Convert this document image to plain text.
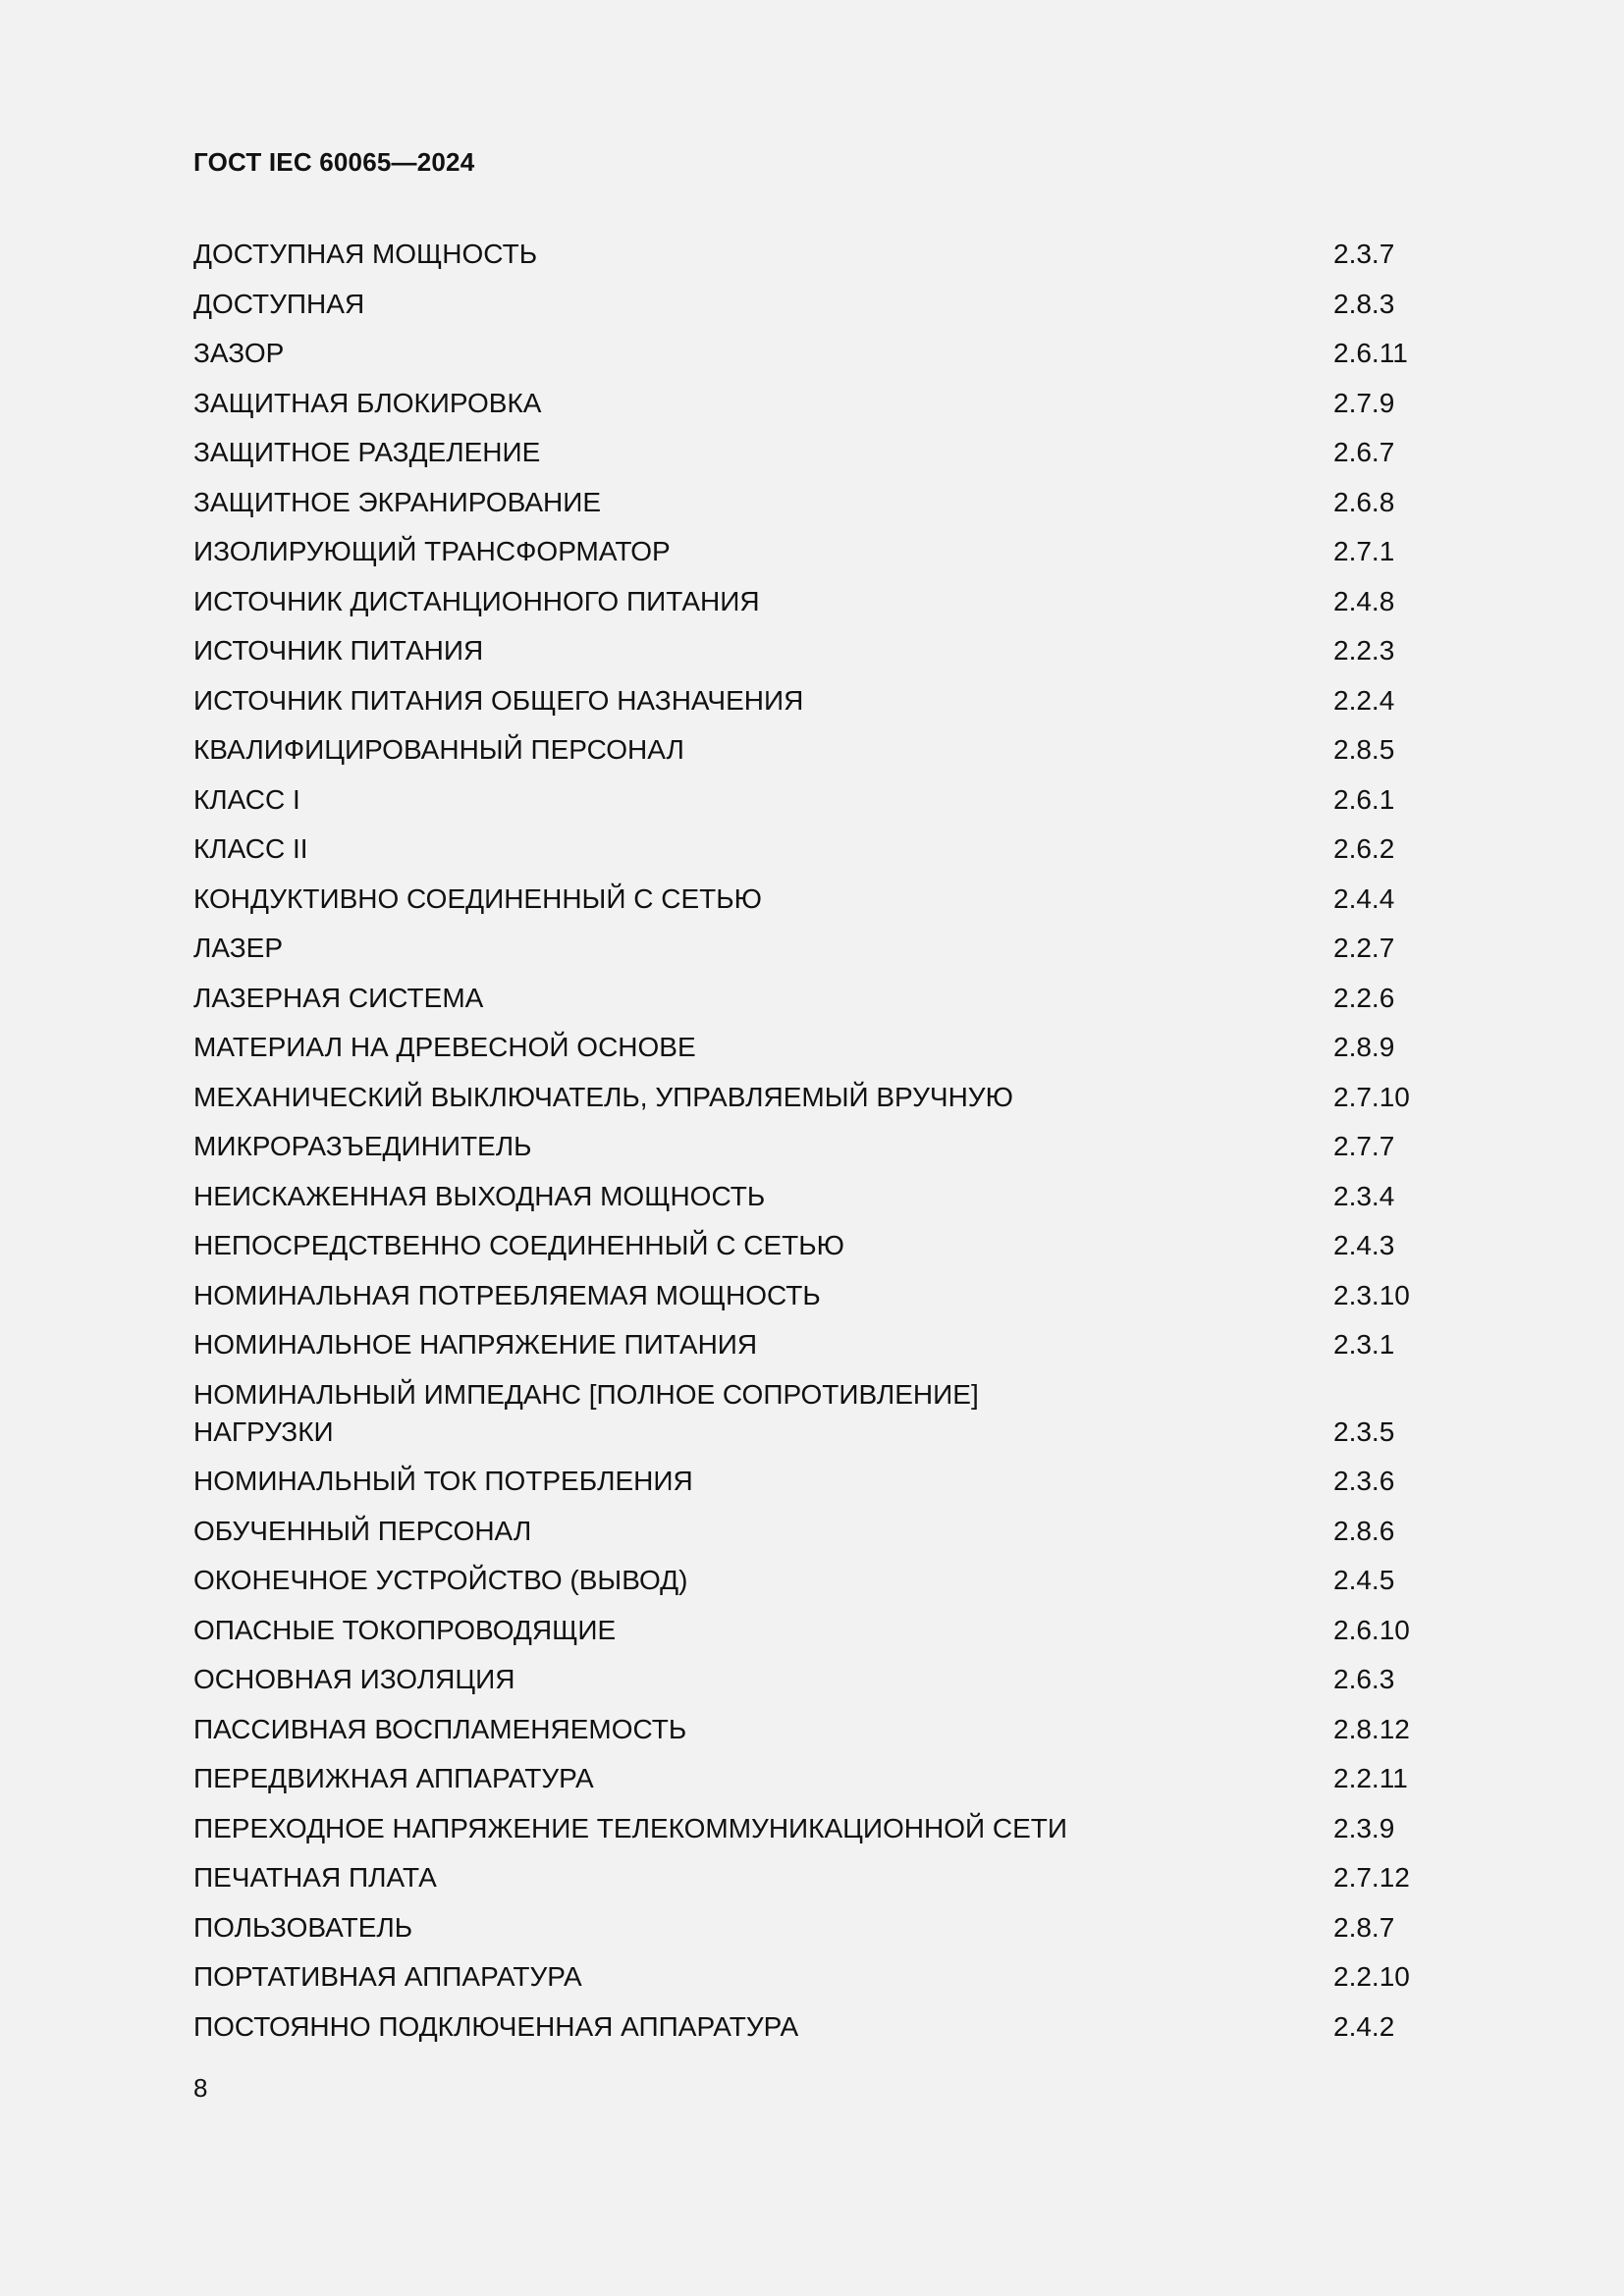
ГОСТ IEC 60065—2024
ДОСТУПНАЯ МОЩНОСТЬ	2.3.7
ДОСТУПНАЯ	2.8.3
ЗАЗОР	2.6.11
ЗАЩИТНАЯ БЛОКИРОВКА	2.7.9
ЗАЩИТНОЕ РАЗДЕЛЕНИЕ	2.6.7
ЗАЩИТНОЕ ЭКРАНИРОВАНИЕ	2.6.8
ИЗОЛИРУЮЩИЙ ТРАНСФОРМАТОР	2.7.1
ИСТОЧНИК ДИСТАНЦИОННОГО ПИТАНИЯ	2.4.8
ИСТОЧНИК ПИТАНИЯ	2.2.3
ИСТОЧНИК ПИТАНИЯ ОБЩЕГО НАЗНАЧЕНИЯ	2.2.4
КВАЛИФИЦИРОВАННЫЙ ПЕРСОНАЛ	2.8.5
КЛАСС I	2.6.1
КЛАСС II	2.6.2
КОНДУКТИВНО СОЕДИНЕННЫЙ С СЕТЬЮ	2.4.4
ЛАЗЕР	2.2.7
ЛАЗЕРНАЯ СИСТЕМА	2.2.6
МАТЕРИАЛ НА ДРЕВЕСНОЙ ОСНОВЕ	2.8.9
МЕХАНИЧЕСКИЙ ВЫКЛЮЧАТЕЛЬ, УПРАВЛЯЕМЫЙ ВРУЧНУЮ	2.7.10
МИКРОРАЗЪЕДИНИТЕЛЬ	2.7.7
НЕИСКАЖЕННАЯ ВЫХОДНАЯ МОЩНОСТЬ	2.3.4
НЕПОСРЕДСТВЕННО СОЕДИНЕННЫЙ С СЕТЬЮ	2.4.3
НОМИНАЛЬНАЯ ПОТРЕБЛЯЕМАЯ МОЩНОСТЬ	2.3.10
НОМИНАЛЬНОЕ НАПРЯЖЕНИЕ ПИТАНИЯ	2.3.1
НОМИНАЛЬНЫЙ ИМПЕДАНС [ПОЛНОЕ СОПРОТИВЛЕНИЕ]
НАГРУЗКИ	2.3.5
НОМИНАЛЬНЫЙ ТОК ПОТРЕБЛЕНИЯ	2.3.6
ОБУЧЕННЫЙ ПЕРСОНАЛ	2.8.6
ОКОНЕЧНОЕ УСТРОЙСТВО (ВЫВОД)	2.4.5
ОПАСНЫЕ ТОКОПРОВОДЯЩИЕ	2.6.10
ОСНОВНАЯ ИЗОЛЯЦИЯ	2.6.3
ПАССИВНАЯ ВОСПЛАМЕНЯЕМОСТЬ	2.8.12
ПЕРЕДВИЖНАЯ АППАРАТУРА	2.2.11
ПЕРЕХОДНОЕ НАПРЯЖЕНИЕ ТЕЛЕКОММУНИКАЦИОННОЙ СЕТИ	2.3.9
ПЕЧАТНАЯ ПЛАТА	2.7.12
ПОЛЬЗОВАТЕЛЬ	2.8.7
ПОРТАТИВНАЯ АППАРАТУРА	2.2.10
ПОСТОЯННО ПОДКЛЮЧЕННАЯ АППАРАТУРА	2.4.2
8
